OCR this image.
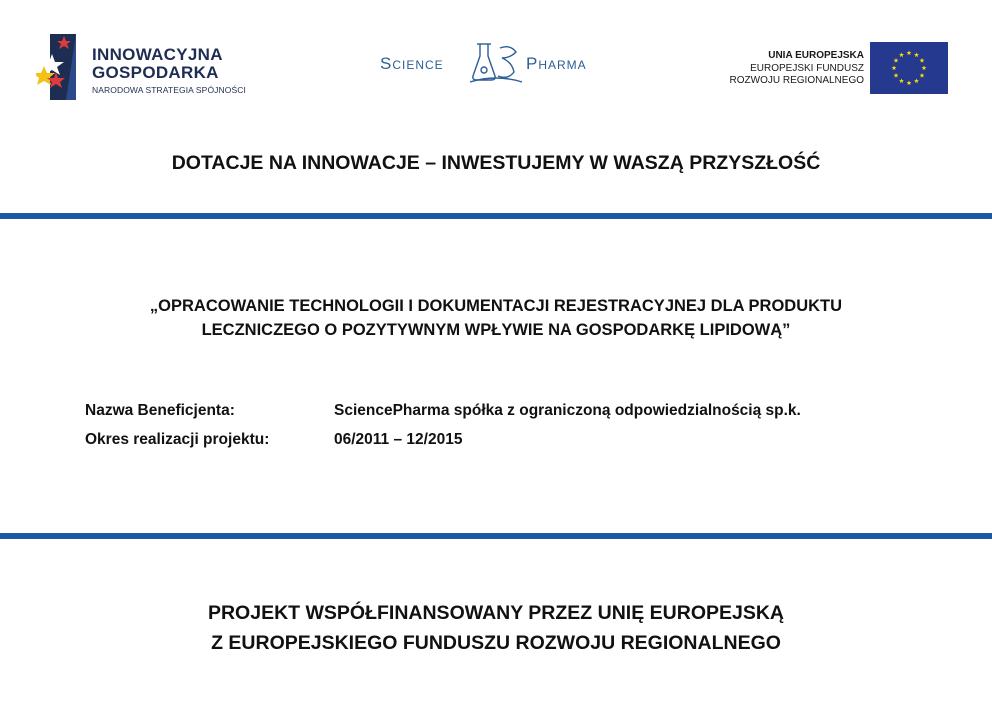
INNOWACYJNA
GOSPODARKA
NARODOWA STRATEGIA SPÓJNOŚCI
Science	Pharma	UNIA EUROPEJSKA
EUROPEJSKI FUNDUSZ
ROZWOJU REGIONALNEGO
DOTACJE NA INNOWACJE – INWESTUJEMY W WASZĄ PRZYSZŁOŚĆ
„OPRACOWANIE TECHNOLOGII I DOKUMENTACJI REJESTRACYJNEJ DLA PRODUKTU
LECZNICZEGO O POZYTYWNYM WPŁYWIE NA GOSPODARKĘ LIPIDOWĄ”
Nazwa Beneficjenta:	SciencePharma spółka z ograniczoną odpowiedzialnością sp.k.
Okres realizacji projektu:	06/2011 – 12/2015
PROJEKT WSPÓŁFINANSOWANY PRZEZ UNIĘ EUROPEJSKĄ
Z EUROPEJSKIEGO FUNDUSZU ROZWOJU REGIONALNEGO
